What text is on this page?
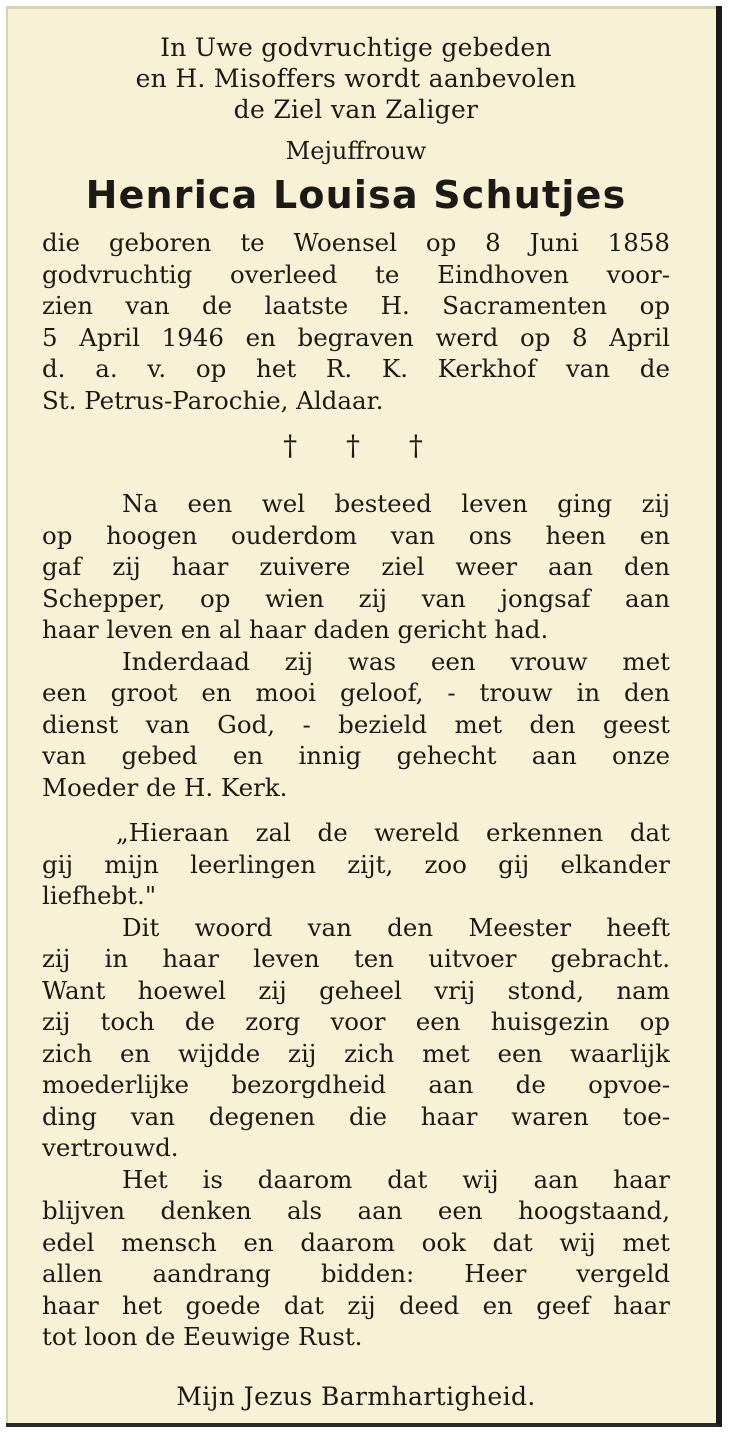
In Uwe godvruchtige gebeden
en H. Misoffers wordt aanbevolen
de Ziel van Zaliger
Mejuffrouw
Henrica Louisa Schutjes
die geboren te Woensel op 8 Juni 1858
godvruchtig overleed te Eindhoven voor-
zien van de laatste H. Sacramenten op
5 April 1946 en begraven werd op 8 April
d. a. v. op het R. K. Kerkhof van de
St. Petrus-Parochie, Aldaar.
† † †
Na een wel besteed leven ging zij
op hoogen ouderdom van ons heen en
gaf zij haar zuivere ziel weer aan den
Schepper, op wien zij van jongsaf aan
haar leven en al haar daden gericht had.
Inderdaad zij was een vrouw met
een groot en mooi geloof, - trouw in den
dienst van God, - bezield met den geest
van gebed en innig gehecht aan onze
Moeder de H. Kerk.
„Hieraan zal de wereld erkennen dat
gij mijn leerlingen zijt, zoo gij elkander
liefhebt."
Dit woord van den Meester heeft
zij in haar leven ten uitvoer gebracht.
Want hoewel zij geheel vrij stond, nam
zij toch de zorg voor een huisgezin op
zich en wijdde zij zich met een waarlijk
moederlijke bezorgdheid aan de opvoe-
ding van degenen die haar waren toe-
vertrouwd.
Het is daarom dat wij aan haar
blijven denken als aan een hoogstaand,
edel mensch en daarom ook dat wij met
allen aandrang bidden: Heer vergeld
haar het goede dat zij deed en geef haar
tot loon de Eeuwige Rust.
Mijn Jezus Barmhartigheid.
